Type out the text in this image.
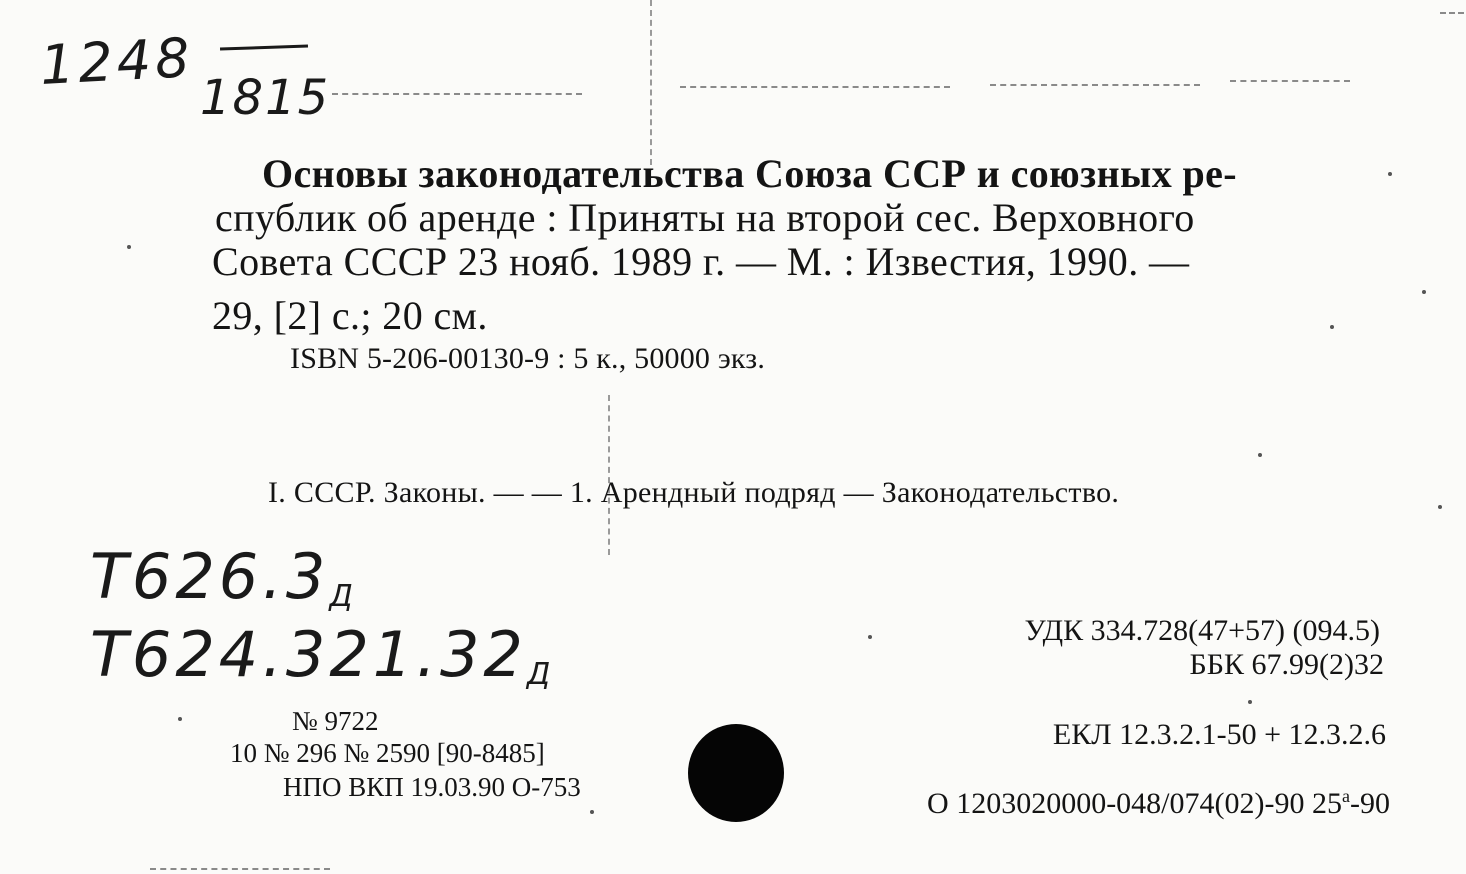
1248
1815
Основы законодательства Союза ССР и союзных ре-
спублик об аренде : Приняты на второй сес. Верховного
Совета СССР 23 нояб. 1989 г. — М. : Известия, 1990. —
29, [2] с.; 20 см.
ISBN 5-206-00130-9 : 5 к., 50000 экз.
I. СССР. Законы. — — 1. Арендный подряд — Законодательство.
Т626.3Д
Т624.321.32Д
УДК 334.728(47+57) (094.5)
ББК 67.99(2)32
ЕКЛ 12.3.2.1-50 + 12.3.2.6
О 1203020000-048/074(02)-90 $25^а-90$
№ 9722
10 № 296 № 2590 [90-8485]
НПО ВКП 19.03.90 О-753
